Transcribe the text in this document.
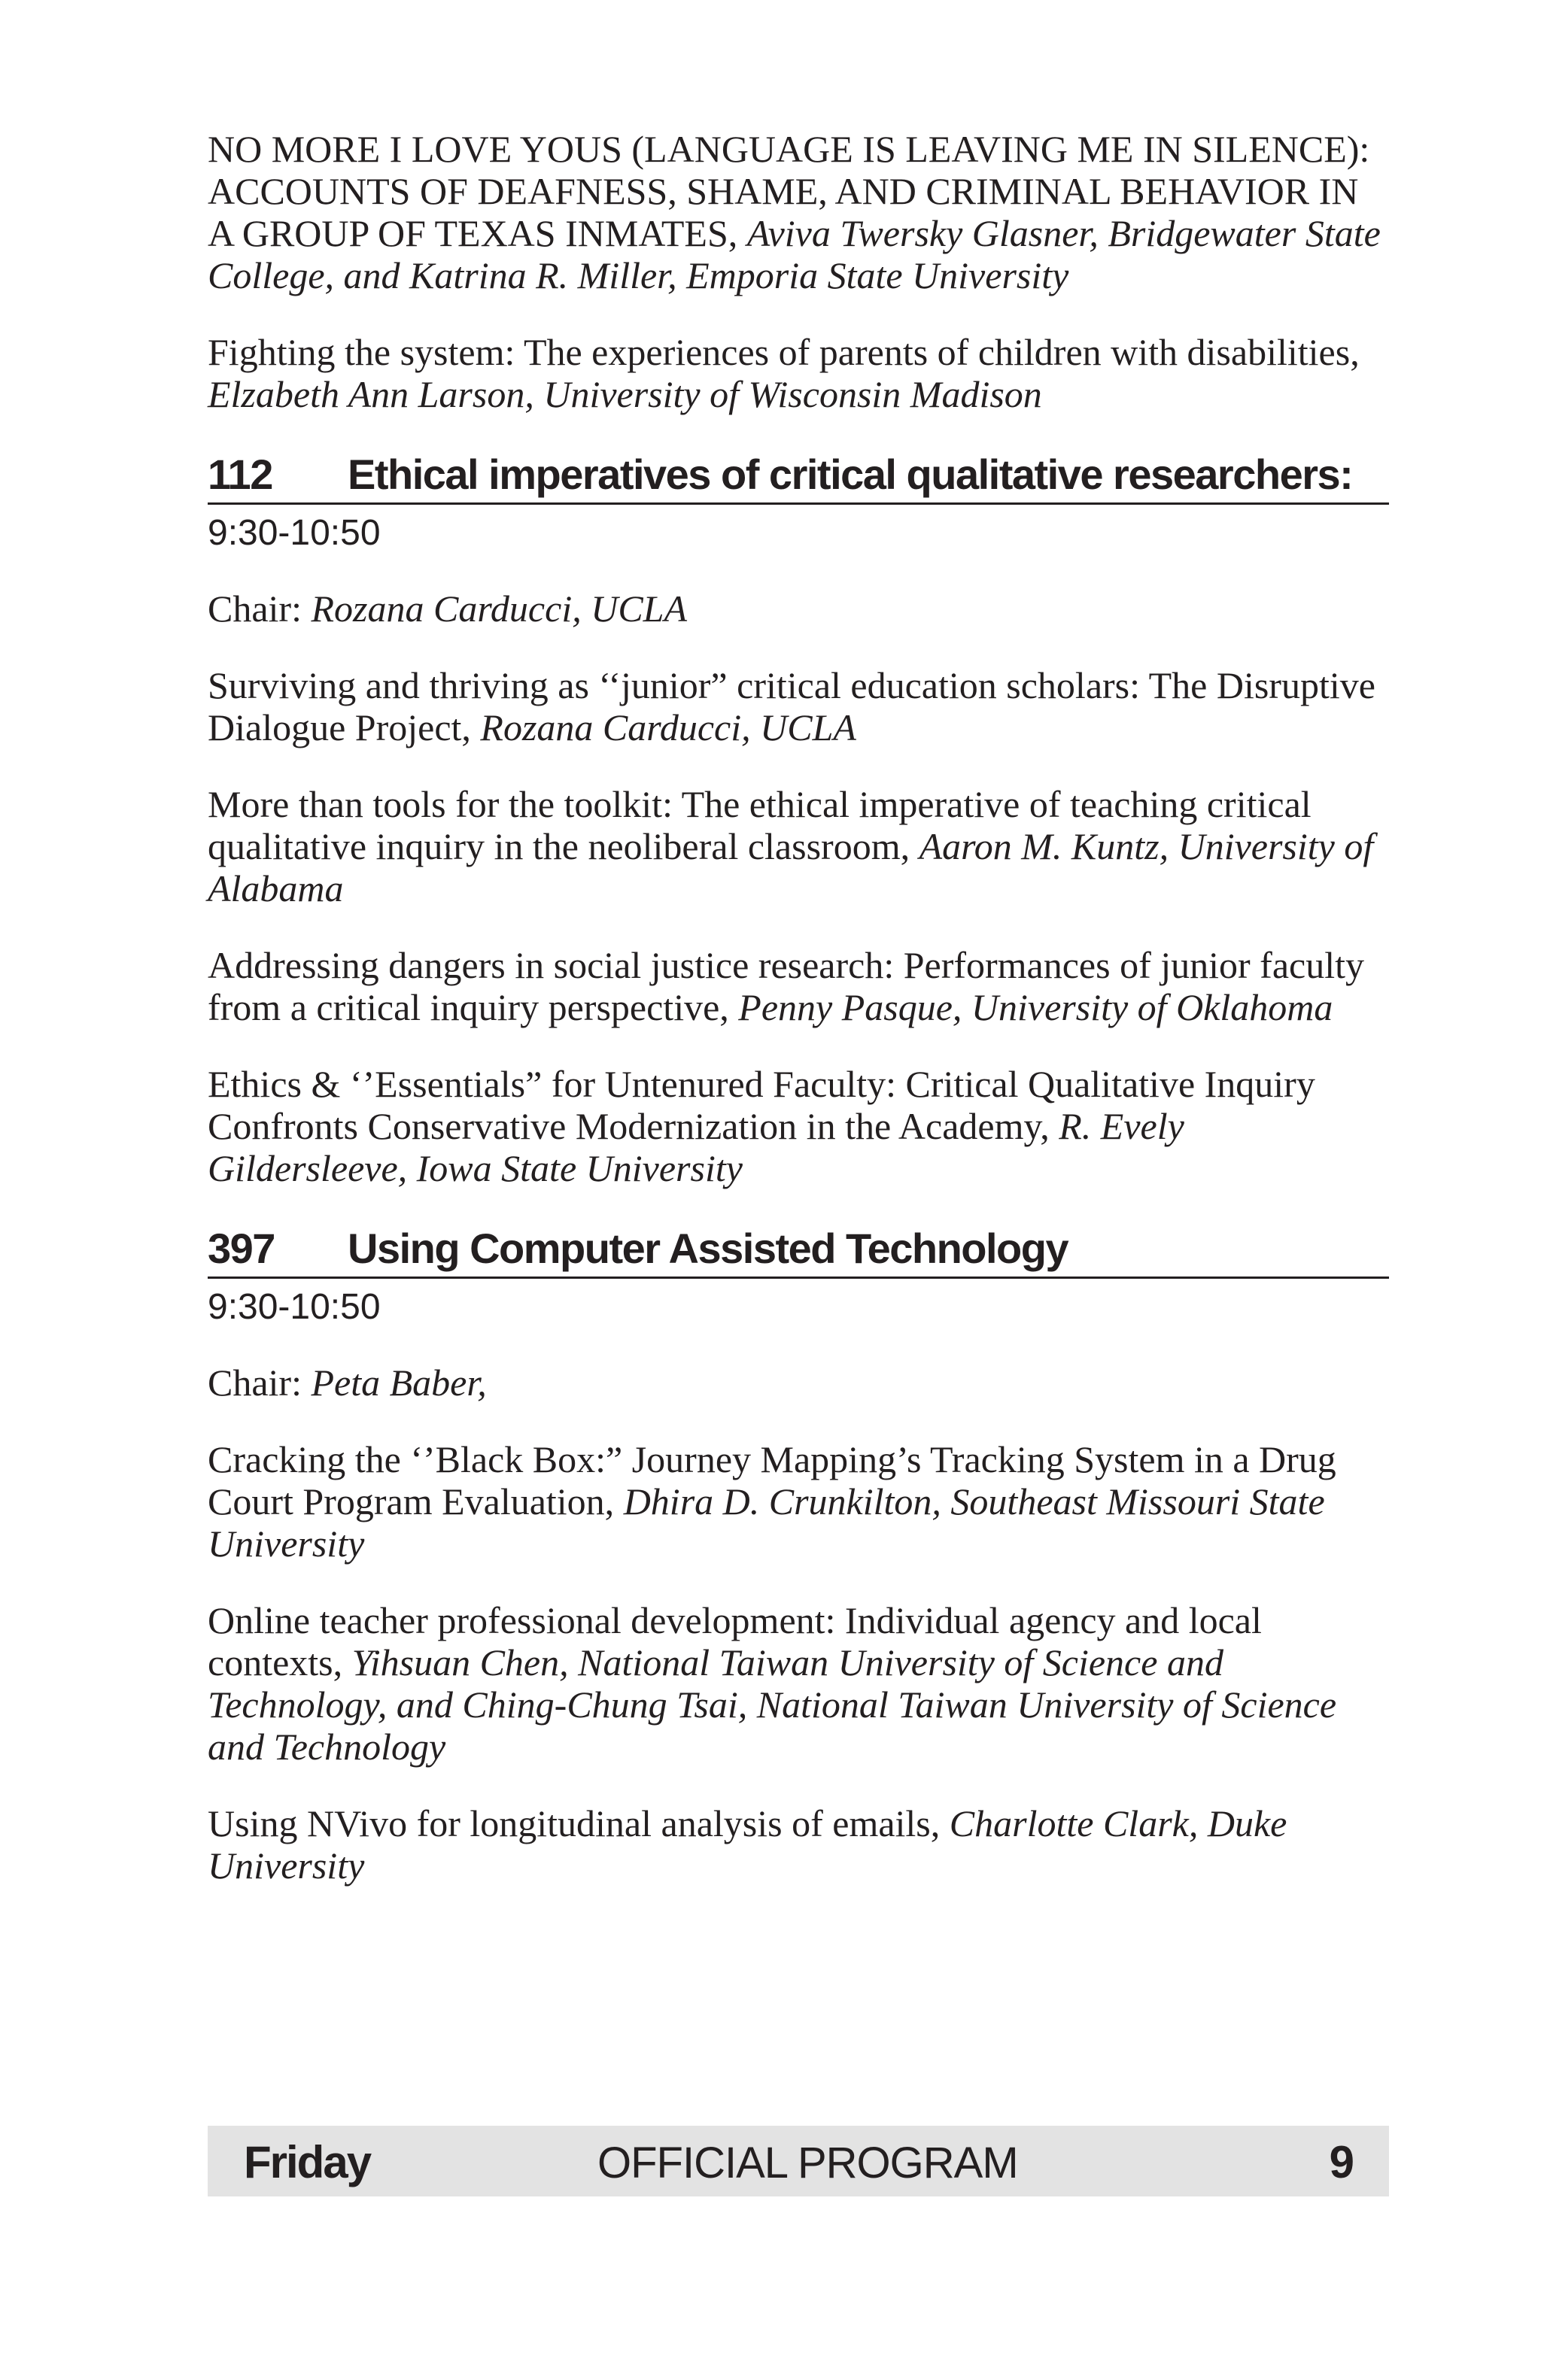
NO MORE I LOVE YOUS (LANGUAGE IS LEAVING ME IN SILENCE): ACCOUNTS OF DEAFNESS, SHAME, AND CRIMINAL BEHAVIOR IN A GROUP OF TEXAS INMATES, Aviva Twersky Glasner, Bridgewater State College, and Katrina R. Miller, Emporia State University
Fighting the system: The experiences of parents of children with disabilities, Elzabeth Ann Larson, University of Wisconsin Madison
112	Ethical imperatives of critical qualitative researchers:
9:30-10:50
Chair: Rozana Carducci, UCLA
Surviving and thriving as ‘‘junior” critical education scholars: The Disruptive Dialogue Project, Rozana Carducci, UCLA
More than tools for the toolkit: The ethical imperative of teaching critical qualitative inquiry in the neoliberal classroom, Aaron M. Kuntz, University of Alabama
Addressing dangers in social justice research: Performances of junior faculty from a critical inquiry perspective, Penny Pasque, University of Oklahoma
Ethics & ‘’Essentials” for Untenured Faculty: Critical Qualitative Inquiry Confronts Conservative Modernization in the Academy, R. Evely Gildersleeve, Iowa State University
397	Using Computer Assisted Technology
9:30-10:50
Chair: Peta Baber,
Cracking the ‘’Black Box:” Journey Mapping’s Tracking System in a Drug Court Program Evaluation, Dhira D. Crunkilton, Southeast Missouri State University
Online teacher professional development: Individual agency and local contexts, Yihsuan Chen, National Taiwan University of Science and Technology, and Ching-Chung Tsai, National Taiwan University of Science and Technology
Using NVivo for longitudinal analysis of emails, Charlotte Clark, Duke University
Friday	OFFICIAL PROGRAM	9
